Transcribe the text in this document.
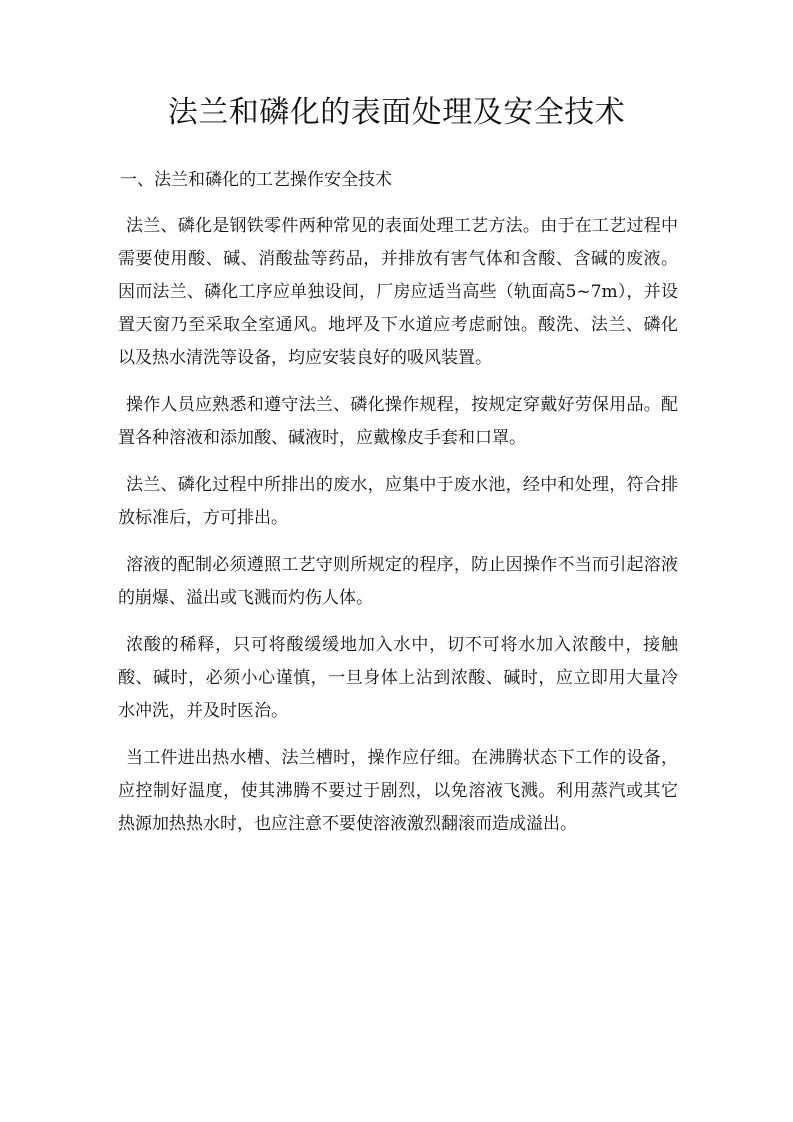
法兰和磷化的表面处理及安全技术

一、法兰和磷化的工艺操作安全技术

法兰、磷化是钢铁零件两种常见的表面处理工艺方法。由于在工艺过程中需要使用酸、碱、消酸盐等药品，并排放有害气体和含酸、含碱的废液。因而法兰、磷化工序应单独设间，厂房应适当高些（轨面高5~7m），并设置天窗乃至采取全室通风。地坪及下水道应考虑耐蚀。酸洗、法兰、磷化以及热水清洗等设备，均应安装良好的吸风装置。

操作人员应熟悉和遵守法兰、磷化操作规程，按规定穿戴好劳保用品。配置各种溶液和添加酸、碱液时，应戴橡皮手套和口罩。

法兰、磷化过程中所排出的废水，应集中于废水池，经中和处理，符合排放标准后，方可排出。

溶液的配制必须遵照工艺守则所规定的程序，防止因操作不当而引起溶液的崩爆、溢出或飞溅而灼伤人体。

浓酸的稀释，只可将酸缓缓地加入水中，切不可将水加入浓酸中，接触酸、碱时，必须小心谨慎，一旦身体上沾到浓酸、碱时，应立即用大量冷水冲洗，并及时医治。

当工件进出热水槽、法兰槽时，操作应仔细。在沸腾状态下工作的设备，应控制好温度，使其沸腾不要过于剧烈，以免溶液飞溅。利用蒸汽或其它热源加热热水时，也应注意不要使溶液激烈翻滚而造成溢出。
